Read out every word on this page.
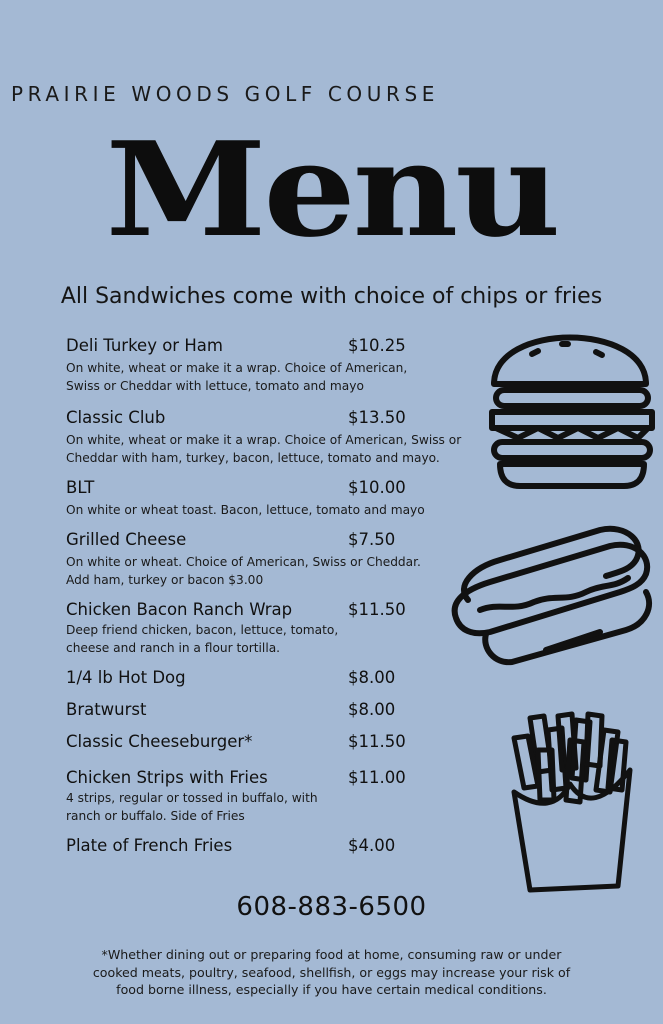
PRAIRIE WOODS GOLF COURSE
Menu
All Sandwiches come with choice of chips or fries
Deli Turkey or Ham	$10.25
On white, wheat or make it a wrap. Choice of American, Swiss or Cheddar with lettuce, tomato and mayo
Classic Club	$13.50
On white, wheat or make it a wrap. Choice of American, Swiss or Cheddar with ham, turkey, bacon, lettuce, tomato and mayo.
BLT	$10.00
On white or wheat toast. Bacon, lettuce, tomato and mayo
Grilled Cheese	$7.50
On white or wheat. Choice of American, Swiss or Cheddar. Add ham, turkey or bacon $3.00
Chicken Bacon Ranch Wrap	$11.50
Deep friend chicken, bacon, lettuce, tomato, cheese and ranch in a flour tortilla.
1/4 lb Hot Dog	$8.00
Bratwurst	$8.00
Classic Cheeseburger*	$11.50
Chicken Strips with Fries	$11.00
4 strips, regular or tossed in buffalo, with ranch or buffalo. Side of Fries
Plate of French Fries	$4.00
608-883-6500
*Whether dining out or preparing food at home, consuming raw or under cooked meats, poultry, seafood, shellfish, or eggs may increase your risk of food borne illness, especially if you have certain medical conditions.
